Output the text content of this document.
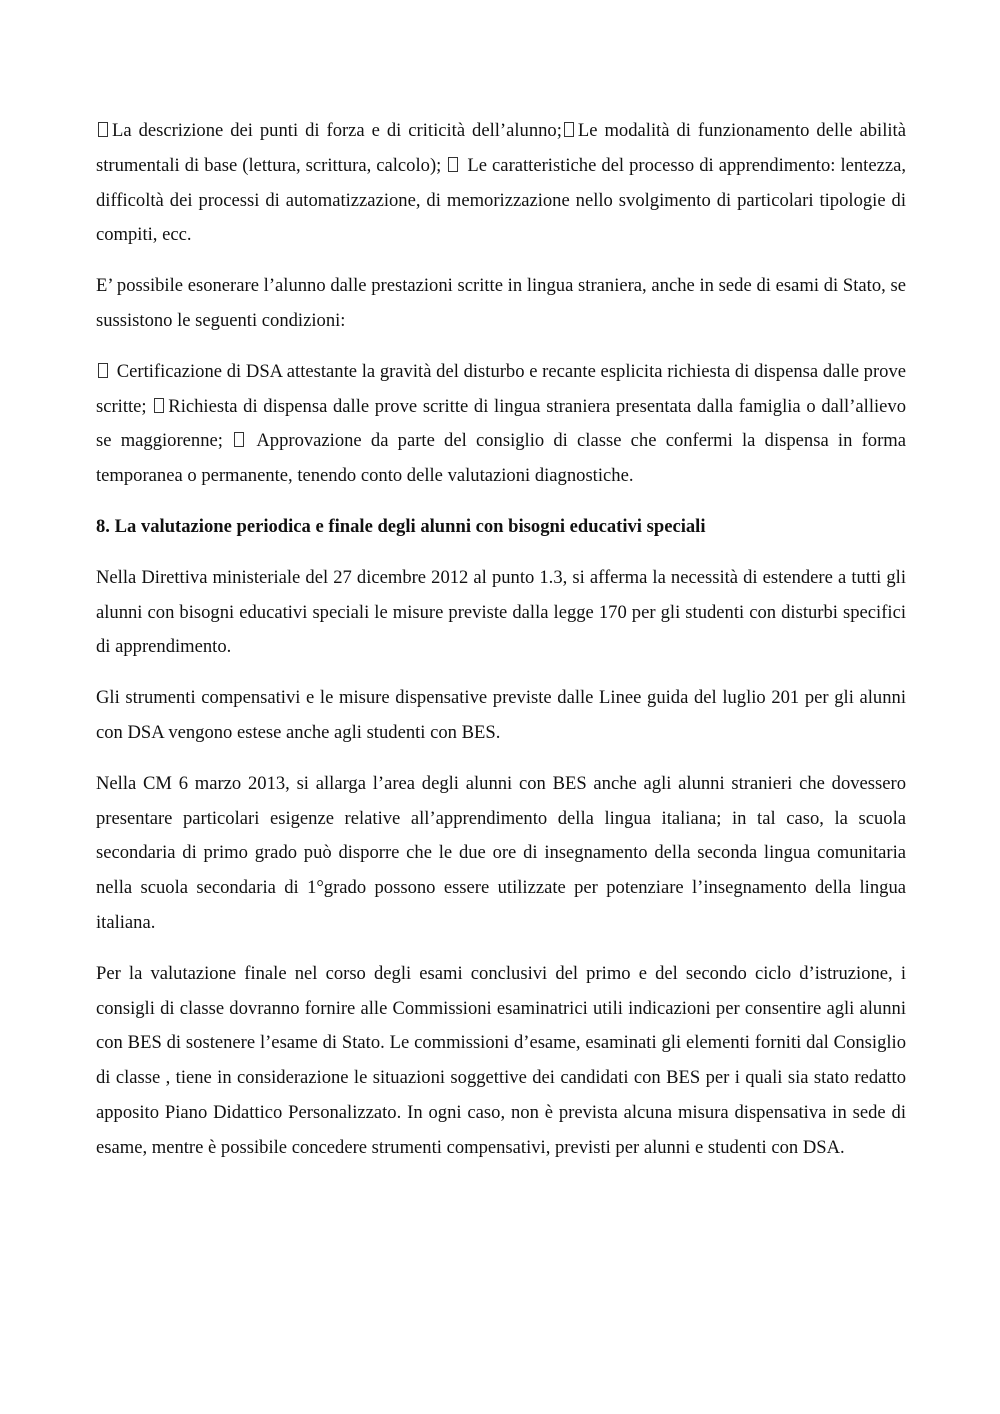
La descrizione dei punti di forza e di criticità dell’alunno; Le modalità di funzionamento delle abilità strumentali di base (lettura, scrittura, calcolo); Le caratteristiche del processo di apprendimento: lentezza, difficoltà dei processi di automatizzazione, di memorizzazione nello svolgimento di particolari tipologie di compiti, ecc.

E’ possibile esonerare l’alunno dalle prestazioni scritte in lingua straniera, anche in sede di esami di Stato, se sussistono le seguenti condizioni:

Certificazione di DSA attestante la gravità del disturbo e recante esplicita richiesta di dispensa dalle prove scritte; Richiesta di dispensa dalle prove scritte di lingua straniera presentata dalla famiglia o dall’allievo se maggiorenne; Approvazione da parte del consiglio di classe che confermi la dispensa in forma temporanea o permanente, tenendo conto delle valutazioni diagnostiche.

8. La valutazione periodica e finale degli alunni con bisogni educativi speciali

Nella Direttiva ministeriale del 27 dicembre 2012 al punto 1.3, si afferma la necessità di estendere a tutti gli alunni con bisogni educativi speciali le misure previste dalla legge 170 per gli studenti con disturbi specifici di apprendimento.

Gli strumenti compensativi e le misure dispensative previste dalle Linee guida del luglio 201 per gli alunni con DSA vengono estese anche agli studenti con BES.

Nella CM 6 marzo 2013, si allarga l’area degli alunni con BES anche agli alunni stranieri che dovessero presentare particolari esigenze relative all’apprendimento della lingua italiana; in tal caso, la scuola secondaria di primo grado può disporre che le due ore di insegnamento della seconda lingua comunitaria nella scuola secondaria di 1°grado possono essere utilizzate per potenziare l’insegnamento della lingua italiana.

Per la valutazione finale nel corso degli esami conclusivi del primo e del secondo ciclo d’istruzione, i consigli di classe dovranno fornire alle Commissioni esaminatrici utili indicazioni per consentire agli alunni con BES di sostenere l’esame di Stato. Le commissioni d’esame, esaminati gli elementi forniti dal Consiglio di classe , tiene in considerazione le situazioni soggettive dei candidati con BES per i quali sia stato redatto apposito Piano Didattico Personalizzato. In ogni caso, non è prevista alcuna misura dispensativa in sede di esame, mentre è possibile concedere strumenti compensativi, previsti per alunni e studenti con DSA.
